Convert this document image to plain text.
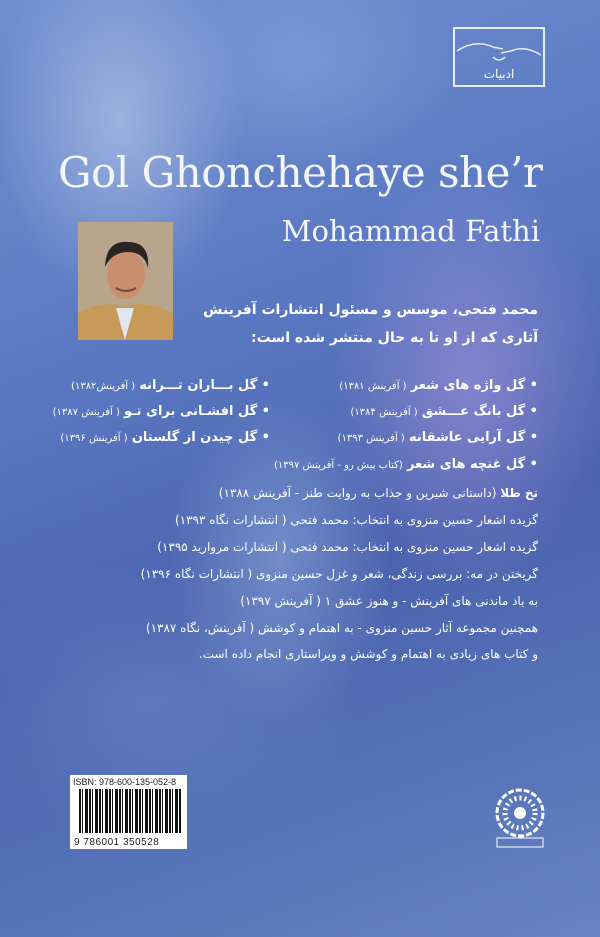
ادبیات
Gol Ghonchehaye she’r
Mohammad Fathi
محمد فتحی، موسس و مسئول انتشارات آفرینش
آثاری که از او تا به حال منتشر شده است:
• گل واژه های شعر ( آفرینش ۱۳۸۱)
• گل بانگ عـــشق ( آفرینش ۱۳۸۴)
• گل آرایی عاشقانه ( آفرینش ۱۳۹۳)
• گل غنچه های شعر (کتاب پیش رو - آفرینش ۱۳۹۷)
• گل بـــاران تـــرانه ( آفرینش۱۳۸۲)
• گل افشـانی برای تـو ( آفرینش ۱۳۸۷)
• گل چیدن از گلستان ( آفرینش ۱۳۹۶)
تخ طلا (داستانی شیرین و جذاب به روایت طنز - آفرینش ۱۳۸۸)
گزیده اشعار حسین منزوی به انتخاب: محمد فتحی ( انتشارات نگاه ۱۳۹۳)
گزیده اشعار حسین منزوی به انتخاب: محمد فتحی ( انتشارات مروارید ۱۳۹۵)
گریختن در مه: بررسی زندگی، شعر و غزل حسین منزوی ( انتشارات نگاه ۱۳۹۶)
به یاد ماندنی های آفرینش - و هنوز عشق ۱ ( آفرینش ۱۳۹۷)
همچنین مجموعه آثار حسین منزوی - به اهتمام و کوشش ( آفرینش، نگاه ۱۳۸۷)
و کتاب های زیادی به اهتمام و کوشش و ویراستاری انجام داده است.
ISBN: 978-600-135-052-8
9 786001 350528
